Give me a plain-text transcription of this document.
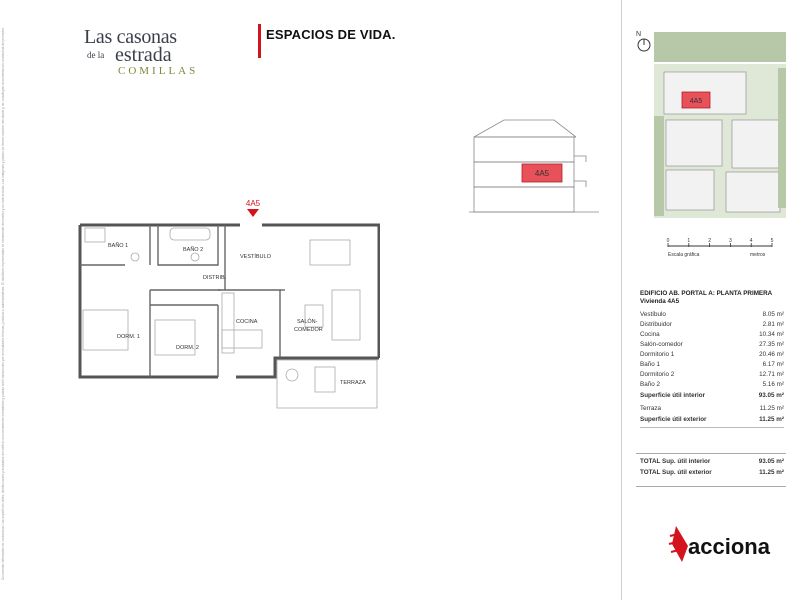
Documento informativo no contractual. Las superficies útiles, distribuciones y acabados del edificio son meramente orientativos y podrán sufrir variaciones por necesidades técnicas, jurídicas o administrativas. El mobiliario representado es meramente decorativo y no está incluido. Las imágenes y planos no tienen carácter vinculante y no constituyen documentación contractual del promotor.	Las casonas
de la estrada
COMILLAS
ESPACIOS DE VIDA.
4A5
BAÑO 1
BAÑO 2
VESTÍBULO
DISTRIB.
COCINA	SALÓN-
COMEDOR
DORM. 1
DORM. 2
TERRAZA
4A5
N
4A5
0	1	2	3	4	5
Escala gráfica	metros
EDIFICIO AB. PORTAL A: PLANTA PRIMERA
Vivienda 4A5
Vestíbulo	8.05 m²
Distribuidor	2.81 m²
Cocina	10.34 m²
Salón-comedor	27.35 m²
Dormitorio 1	20.46 m²
Baño 1	6.17 m²
Dormitorio 2	12.71 m²
Baño 2	5.16 m²
Superficie útil interior	93.05 m²
Terraza	11.25 m²
Superficie útil exterior	11.25 m²
TOTAL Sup. útil interior	93.05 m²
TOTAL Sup. útil exterior	11.25 m²
acciona
